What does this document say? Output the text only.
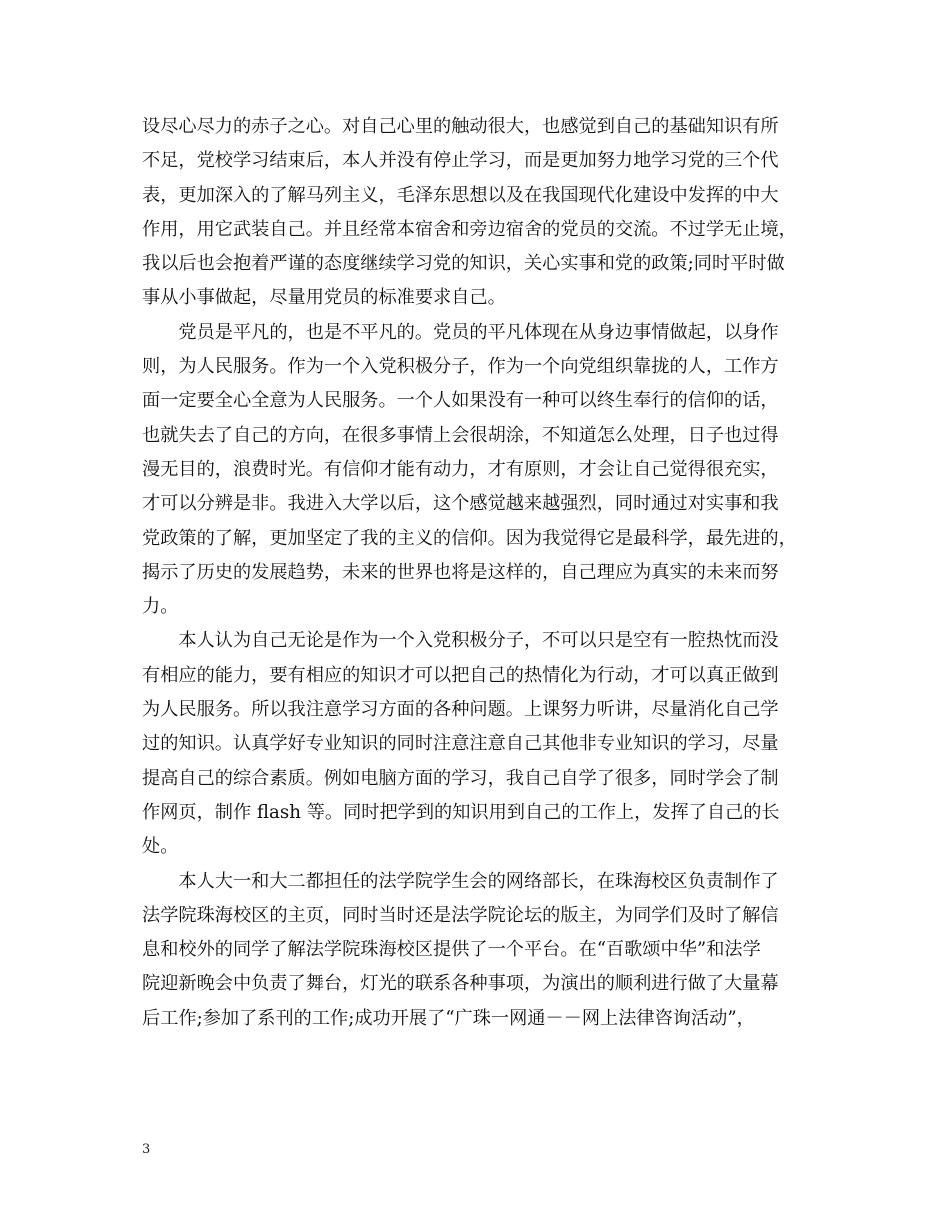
设尽心尽力的赤子之心。对自己心里的触动很大，也感觉到自己的基础知识有所
不足，党校学习结束后，本人并没有停止学习，而是更加努力地学习党的三个代
表，更加深入的了解马列主义，毛泽东思想以及在我国现代化建设中发挥的中大
作用，用它武装自己。并且经常本宿舍和旁边宿舍的党员的交流。不过学无止境，
我以后也会抱着严谨的态度继续学习党的知识，关心实事和党的政策;同时平时做
事从小事做起，尽量用党员的标准要求自己。
党员是平凡的，也是不平凡的。党员的平凡体现在从身边事情做起，以身作
则，为人民服务。作为一个入党积极分子，作为一个向党组织靠拢的人，工作方
面一定要全心全意为人民服务。一个人如果没有一种可以终生奉行的信仰的话，
也就失去了自己的方向，在很多事情上会很胡涂，不知道怎么处理，日子也过得
漫无目的，浪费时光。有信仰才能有动力，才有原则，才会让自己觉得很充实，
才可以分辨是非。我进入大学以后，这个感觉越来越强烈，同时通过对实事和我
党政策的了解，更加坚定了我的主义的信仰。因为我觉得它是最科学，最先进的，
揭示了历史的发展趋势，未来的世界也将是这样的，自己理应为真实的未来而努
力。
本人认为自己无论是作为一个入党积极分子，不可以只是空有一腔热忱而没
有相应的能力，要有相应的知识才可以把自己的热情化为行动，才可以真正做到
为人民服务。所以我注意学习方面的各种问题。上课努力听讲，尽量消化自己学
过的知识。认真学好专业知识的同时注意注意自己其他非专业知识的学习，尽量
提高自己的综合素质。例如电脑方面的学习，我自己自学了很多，同时学会了制
作网页，制作 flash 等。同时把学到的知识用到自己的工作上，发挥了自己的长
处。
本人大一和大二都担任的法学院学生会的网络部长，在珠海校区负责制作了
法学院珠海校区的主页，同时当时还是法学院论坛的版主，为同学们及时了解信
息和校外的同学了解法学院珠海校区提供了一个平台。在“百歌颂中华”和法学
院迎新晚会中负责了舞台，灯光的联系各种事项，为演出的顺利进行做了大量幕
后工作;参加了系刊的工作;成功开展了“广珠一网通－－网上法律咨询活动”，
3
